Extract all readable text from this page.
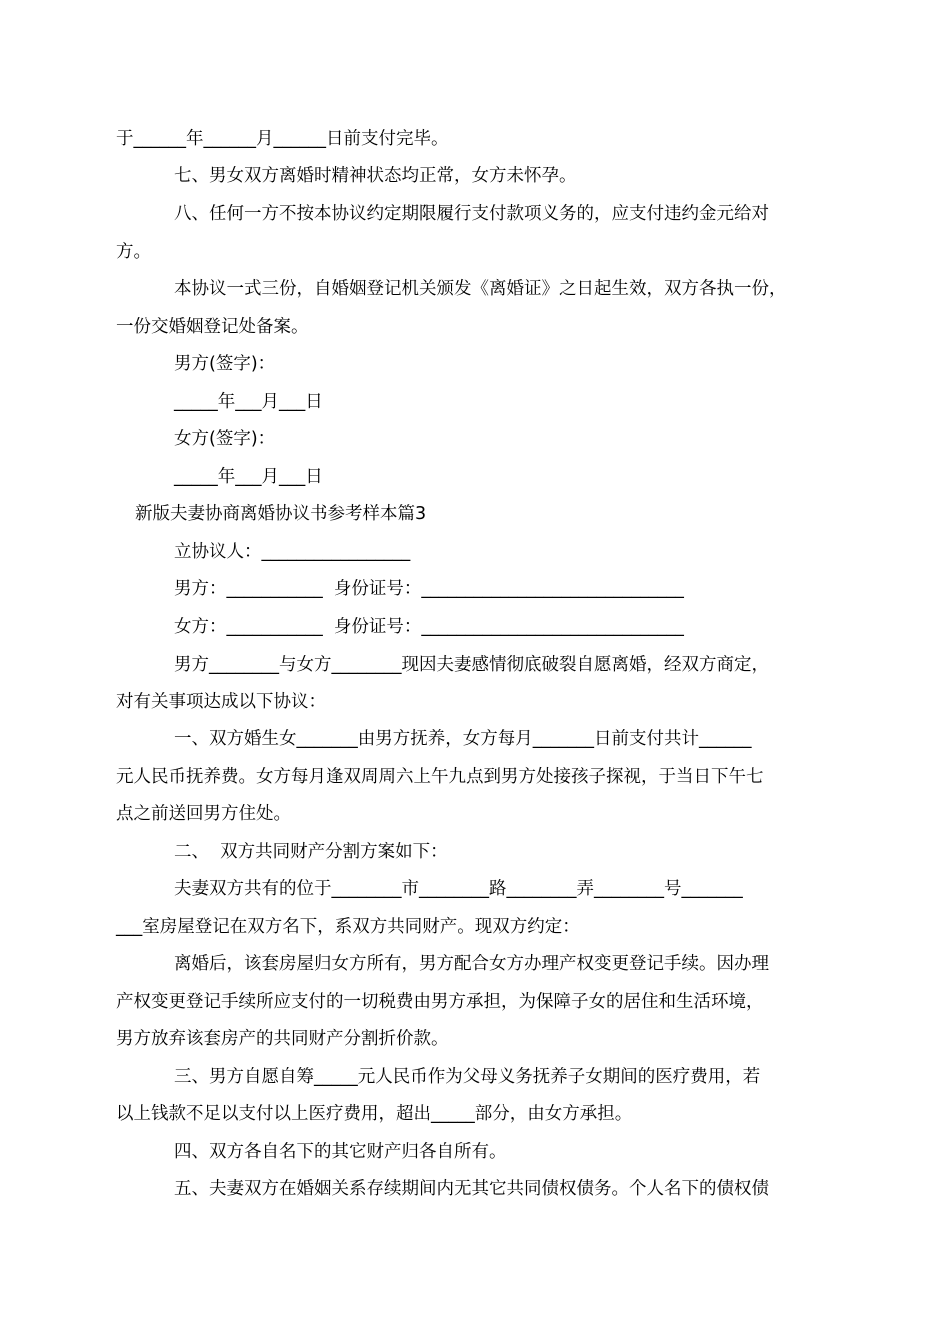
于______年______月______日前支付完毕。
七、男女双方离婚时精神状态均正常，女方未怀孕。
八、任何一方不按本协议约定期限履行支付款项义务的，应支付违约金元给对
方。
本协议一式三份，自婚姻登记机关颁发《离婚证》之日起生效，双方各执一份，
一份交婚姻登记处备案。
男方(签字)：
_____年___月___日
女方(签字)：
_____年___月___日
新版夫妻协商离婚协议书参考样本篇3
立协议人：_________________
男方：___________  身份证号：______________________________
女方：___________  身份证号：______________________________
男方________与女方________现因夫妻感情彻底破裂自愿离婚，经双方商定，
对有关事项达成以下协议：
一、双方婚生女_______由男方抚养，女方每月_______日前支付共计______
元人民币抚养费。女方每月逢双周周六上午九点到男方处接孩子探视，于当日下午七
点之前送回男方住处。
二、  双方共同财产分割方案如下：
夫妻双方共有的位于________市________路________弄________号_______
___室房屋登记在双方名下，系双方共同财产。现双方约定：
离婚后，该套房屋归女方所有，男方配合女方办理产权变更登记手续。因办理
产权变更登记手续所应支付的一切税费由男方承担，为保障子女的居住和生活环境，
男方放弃该套房产的共同财产分割折价款。
三、男方自愿自筹_____元人民币作为父母义务抚养子女期间的医疗费用，若
以上钱款不足以支付以上医疗费用，超出_____部分，由女方承担。
四、双方各自名下的其它财产归各自所有。
五、夫妻双方在婚姻关系存续期间内无其它共同债权债务。个人名下的债权债
